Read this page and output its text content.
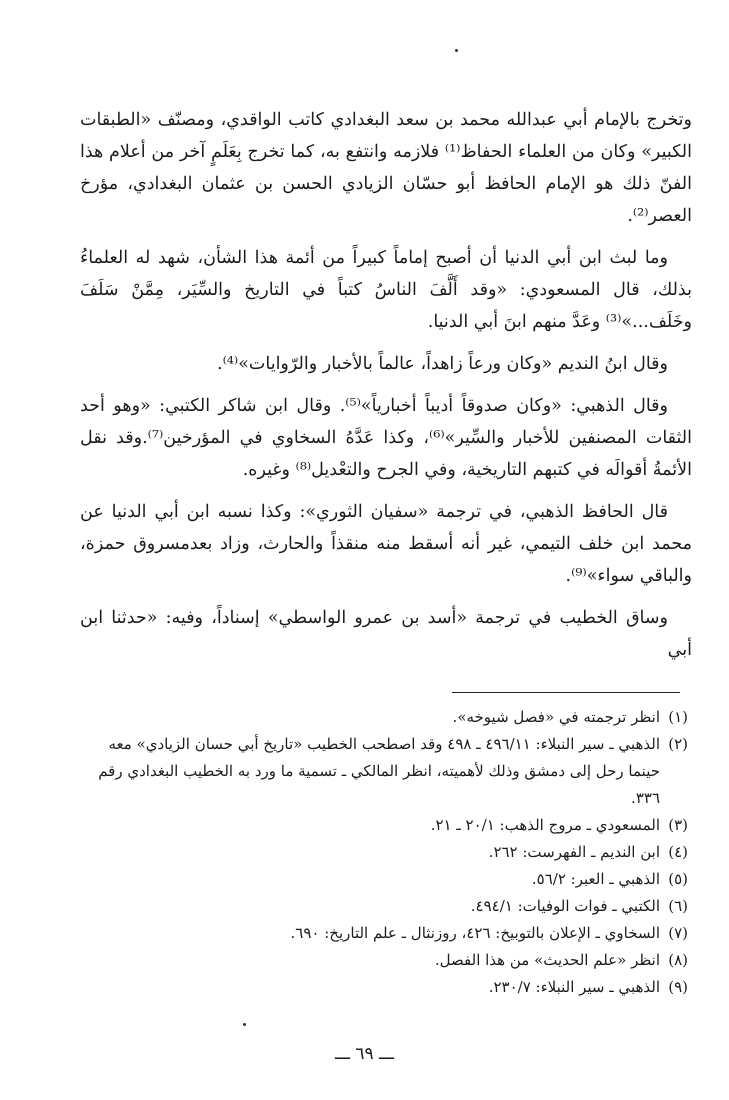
وتخرج بالإمام أبي عبدالله محمد بن سعد البغدادي كاتب الواقدي، ومصنّف «الطبقات الكبير» وكان من العلماء الحفاظ⁽¹⁾ فلازمه وانتفع به، كما تخرج بِعَلَمٍ آخر من أعلام هذا الفنّ ذلك هو الإمام الحافظ أبو حسّان الزيادي الحسن بن عثمان البغدادي، مؤرخ العصر⁽²⁾.

وما لبث ابن أبي الدنيا أن أصبح إماماً كبيراً من أئمة هذا الشأن، شهد له العلماءُ بذلك، قال المسعودي: «وقد أَلَّفَ الناسُ كتباً في التاريخ والسِّيَر، مِمَّنْ سَلَفَ وخَلَف...»⁽³⁾ وعَدَّ منهم ابنَ أبي الدنيا.

وقال ابنُ النديم «وكان ورعاً زاهداً، عالماً بالأخبار والرّوايات»⁽⁴⁾.

وقال الذهبي: «وكان صدوقاً أديباً أخبارياً»⁽⁵⁾. وقال ابن شاكر الكتبي: «وهو أحد الثقات المصنفين للأخبار والسِّير»⁽⁶⁾، وكذا عَدَّهُ السخاوي في المؤرخين⁽⁷⁾.وقد نقل الأئمةُ أقوالَه في كتبهم التاريخية، وفي الجرح والتعْديل⁽⁸⁾ وغيره.

قال الحافظ الذهبي، في ترجمة «سفيان الثوري»: وكذا نسبه ابن أبي الدنيا عن محمد ابن خلف التيمي، غير أنه أسقط منه منقذاً والحارث، وزاد بعدمسروق حمزة، والباقي سواء»⁽⁹⁾.

وساق الخطيب في ترجمة «أسد بن عمرو الواسطي» إسناداً، وفيه: «حدثنا ابن أبي

(١)
انظر ترجمته في «فصل شيوخه».
(٢)
الذهبي ـ سير النبلاء: ٤٩٦/١١ ـ ٤٩٨ وقد اصطحب الخطيب «تاريخ أبي حسان الزيادي» معه حينما رحل إلى دمشق وذلك لأهميته، انظر المالكي ـ تسمية ما ورد به الخطيب البغدادي رقم ٣٣٦.
(٣)
المسعودي ـ مروج الذهب: ٢٠/١ ـ ٢١.
(٤)
ابن النديم ـ الفهرست: ٢٦٢.
(٥)
الذهبي ـ العبر: ٥٦/٢.
(٦)
الكتبي ـ فوات الوفيات: ٤٩٤/١.
(٧)
السخاوي ـ الإعلان بالتوبيخ: ٤٢٦، روزنثال ـ علم التاريخ: ٦٩٠.
(٨)
انظر «علم الحديث» من هذا الفصل.
(٩)
الذهبي ـ سير النبلاء: ٢٣٠/٧.
ـــ ٦٩ ـــ
